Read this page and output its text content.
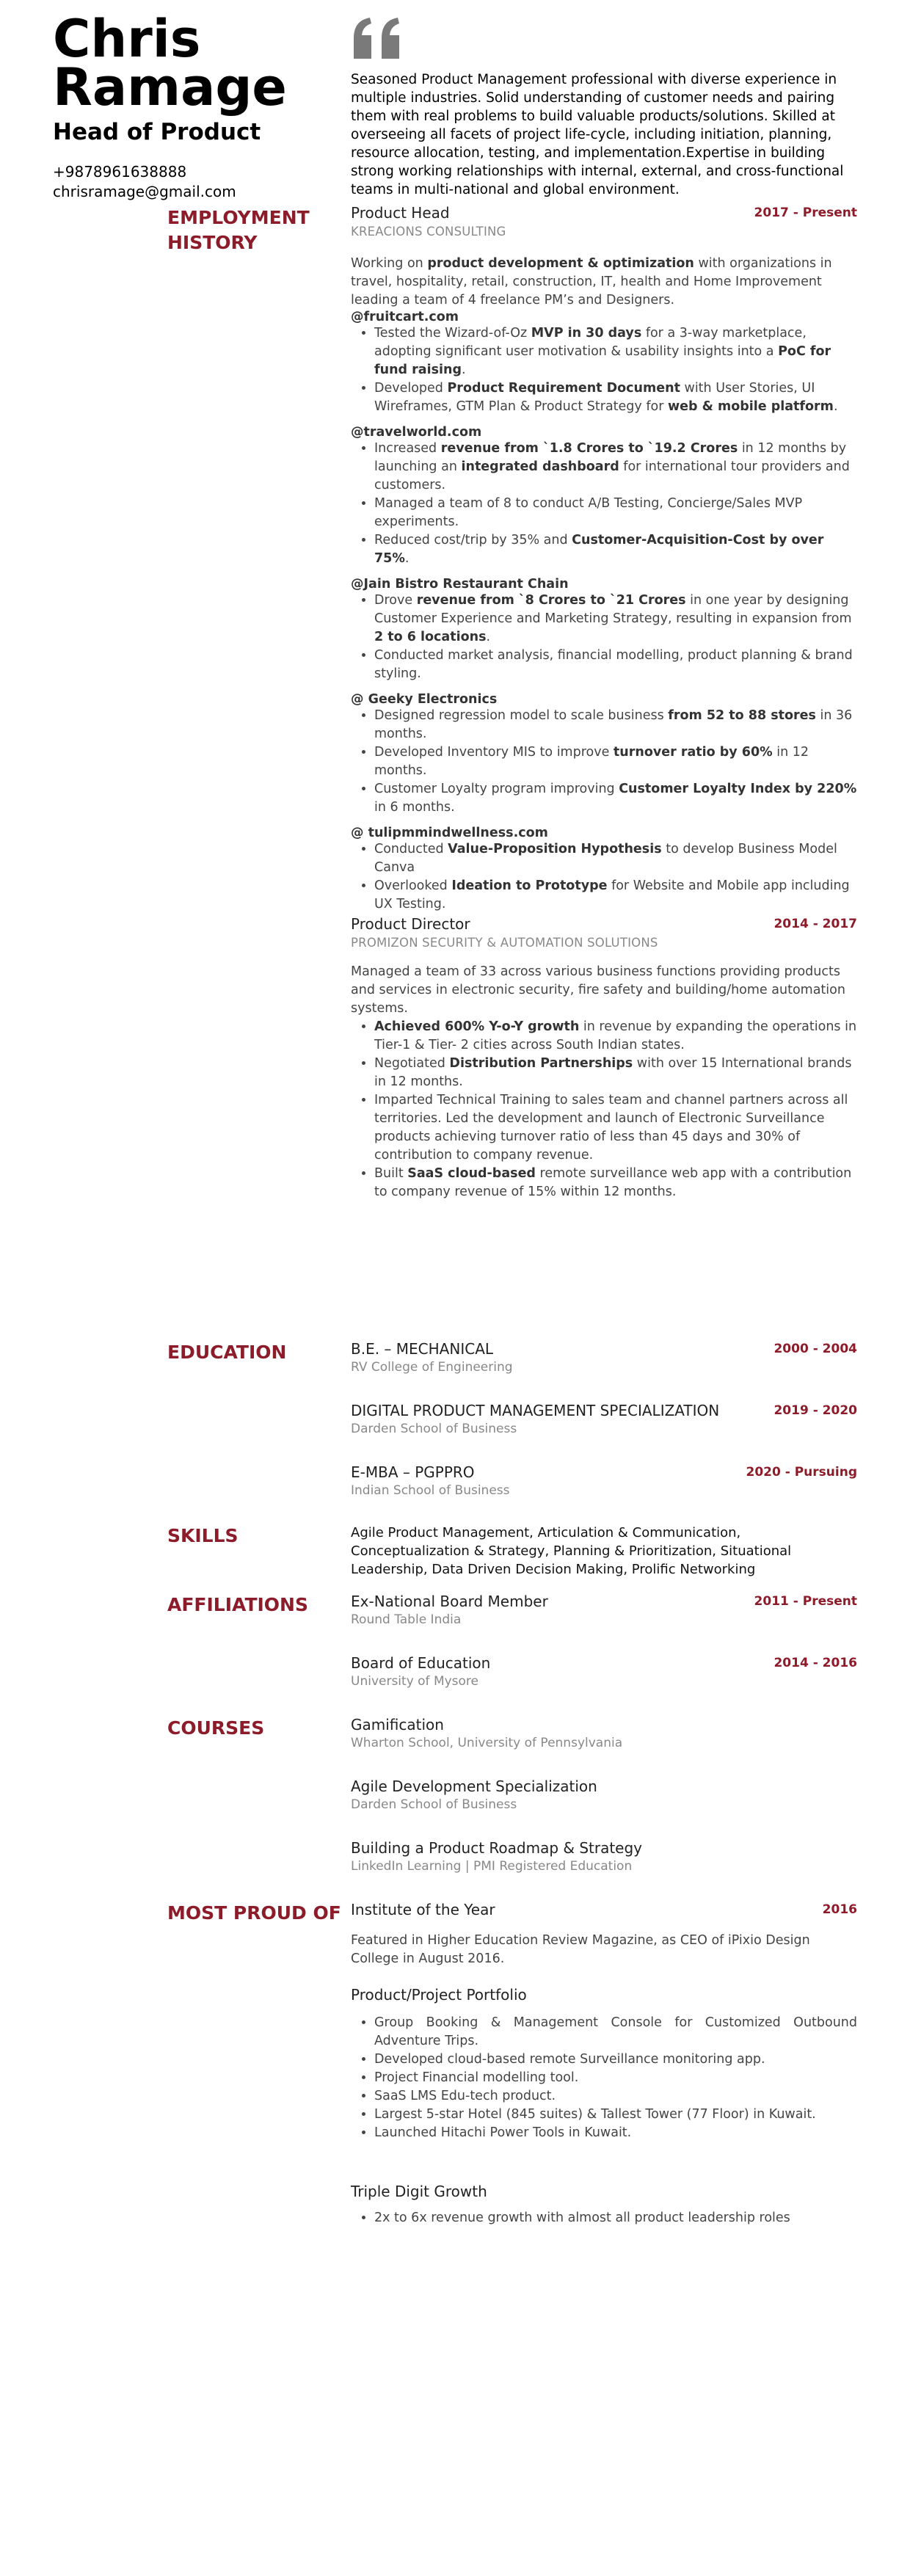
Chris
Ramage
Head of Product
+9878961638888
chrisramage@gmail.com
Seasoned Product Management professional with diverse experience in multiple industries. Solid understanding of customer needs and pairing them with real problems to build valuable products/solutions. Skilled at overseeing all facets of project life-cycle, including initiation, planning, resource allocation, testing, and implementation.Expertise in building strong working relationships with internal, external, and cross-functional teams in multi-national and global environment.
EMPLOYMENT HISTORY
Product Head	2017 - Present
KREACIONS CONSULTING
Working on product development & optimization with organizations in travel, hospitality, retail, construction, IT, health and Home Improvement leading a team of 4 freelance PM’s and Designers.
@fruitcart.com
• Tested the Wizard-of-Oz MVP in 30 days for a 3-way marketplace, adopting significant user motivation & usability insights into a PoC for fund raising.
• Developed Product Requirement Document with User Stories, UI Wireframes, GTM Plan & Product Strategy for web & mobile platform.
@travelworld.com
• Increased revenue from `1.8 Crores to `19.2 Crores in 12 months by launching an integrated dashboard for international tour providers and customers.
• Managed a team of 8 to conduct A/B Testing, Concierge/Sales MVP experiments.
• Reduced cost/trip by 35% and Customer-Acquisition-Cost by over 75%.
@Jain Bistro Restaurant Chain
• Drove revenue from `8 Crores to `21 Crores in one year by designing Customer Experience and Marketing Strategy, resulting in expansion from 2 to 6 locations.
• Conducted market analysis, financial modelling, product planning & brand styling.
@ Geeky Electronics
• Designed regression model to scale business from 52 to 88 stores in 36 months.
• Developed Inventory MIS to improve turnover ratio by 60% in 12 months.
• Customer Loyalty program improving Customer Loyalty Index by 220% in 6 months.
@ tulipmmindwellness.com
• Conducted Value-Proposition Hypothesis to develop Business Model Canva
• Overlooked Ideation to Prototype for Website and Mobile app including UX Testing.
Product Director	2014 - 2017
PROMIZON SECURITY & AUTOMATION SOLUTIONS
Managed a team of 33 across various business functions providing products and services in electronic security, fire safety and building/home automation systems.
• Achieved 600% Y-o-Y growth in revenue by expanding the operations in Tier-1 & Tier- 2 cities across South Indian states.
• Negotiated Distribution Partnerships with over 15 International brands in 12 months.
• Imparted Technical Training to sales team and channel partners across all territories. Led the development and launch of Electronic Surveillance products achieving turnover ratio of less than 45 days and 30% of contribution to company revenue.
• Built SaaS cloud-based remote surveillance web app with a contribution to company revenue of 15% within 12 months.
EDUCATION	B.E. – MECHANICAL	2000 - 2004
RV College of Engineering
DIGITAL PRODUCT MANAGEMENT SPECIALIZATION	2019 - 2020
Darden School of Business
E-MBA – PGPPRO	2020 - Pursuing
Indian School of Business
SKILLS	Agile Product Management, Articulation & Communication, Conceptualization & Strategy, Planning & Prioritization, Situational Leadership, Data Driven Decision Making, Prolific Networking
AFFILIATIONS	Ex-National Board Member	2011 - Present
Round Table India
Board of Education	2014 - 2016
University of Mysore
COURSES	Gamification
Wharton School, University of Pennsylvania
Agile Development Specialization
Darden School of Business
Building a Product Roadmap & Strategy
LinkedIn Learning | PMI Registered Education
MOST PROUD OF Institute of the Year	2016
Featured in Higher Education Review Magazine, as CEO of iPixio Design College in August 2016.
Product/Project Portfolio
• Group Booking & Management Console for Customized Outbound Adventure Trips.
• Developed cloud-based remote Surveillance monitoring app.
• Project Financial modelling tool.
• SaaS LMS Edu-tech product.
• Largest 5-star Hotel (845 suites) & Tallest Tower (77 Floor) in Kuwait.
• Launched Hitachi Power Tools in Kuwait.
Triple Digit Growth
• 2x to 6x revenue growth with almost all product leadership roles
